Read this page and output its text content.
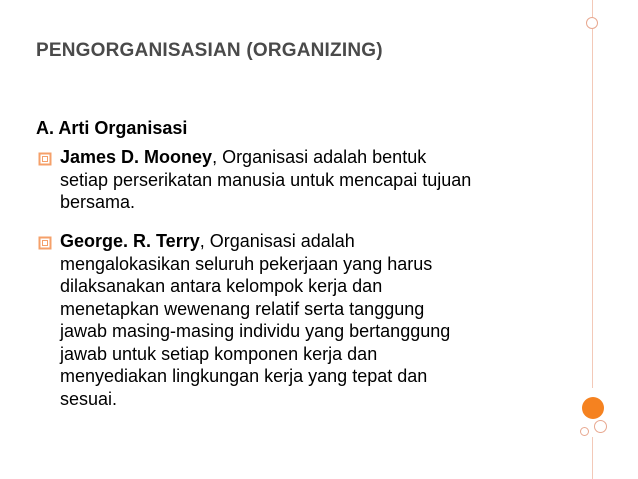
PENGORGANISASIAN (ORGANIZING)
A. Arti Organisasi
James D. Mooney, Organisasi adalah bentuk
setiap perserikatan manusia untuk mencapai tujuan
bersama.
George. R. Terry, Organisasi adalah
mengalokasikan seluruh pekerjaan yang harus
dilaksanakan antara kelompok kerja dan
menetapkan wewenang relatif serta tanggung
jawab masing-masing individu yang bertanggung
jawab untuk setiap komponen kerja dan
menyediakan lingkungan kerja yang tepat dan
sesuai.
